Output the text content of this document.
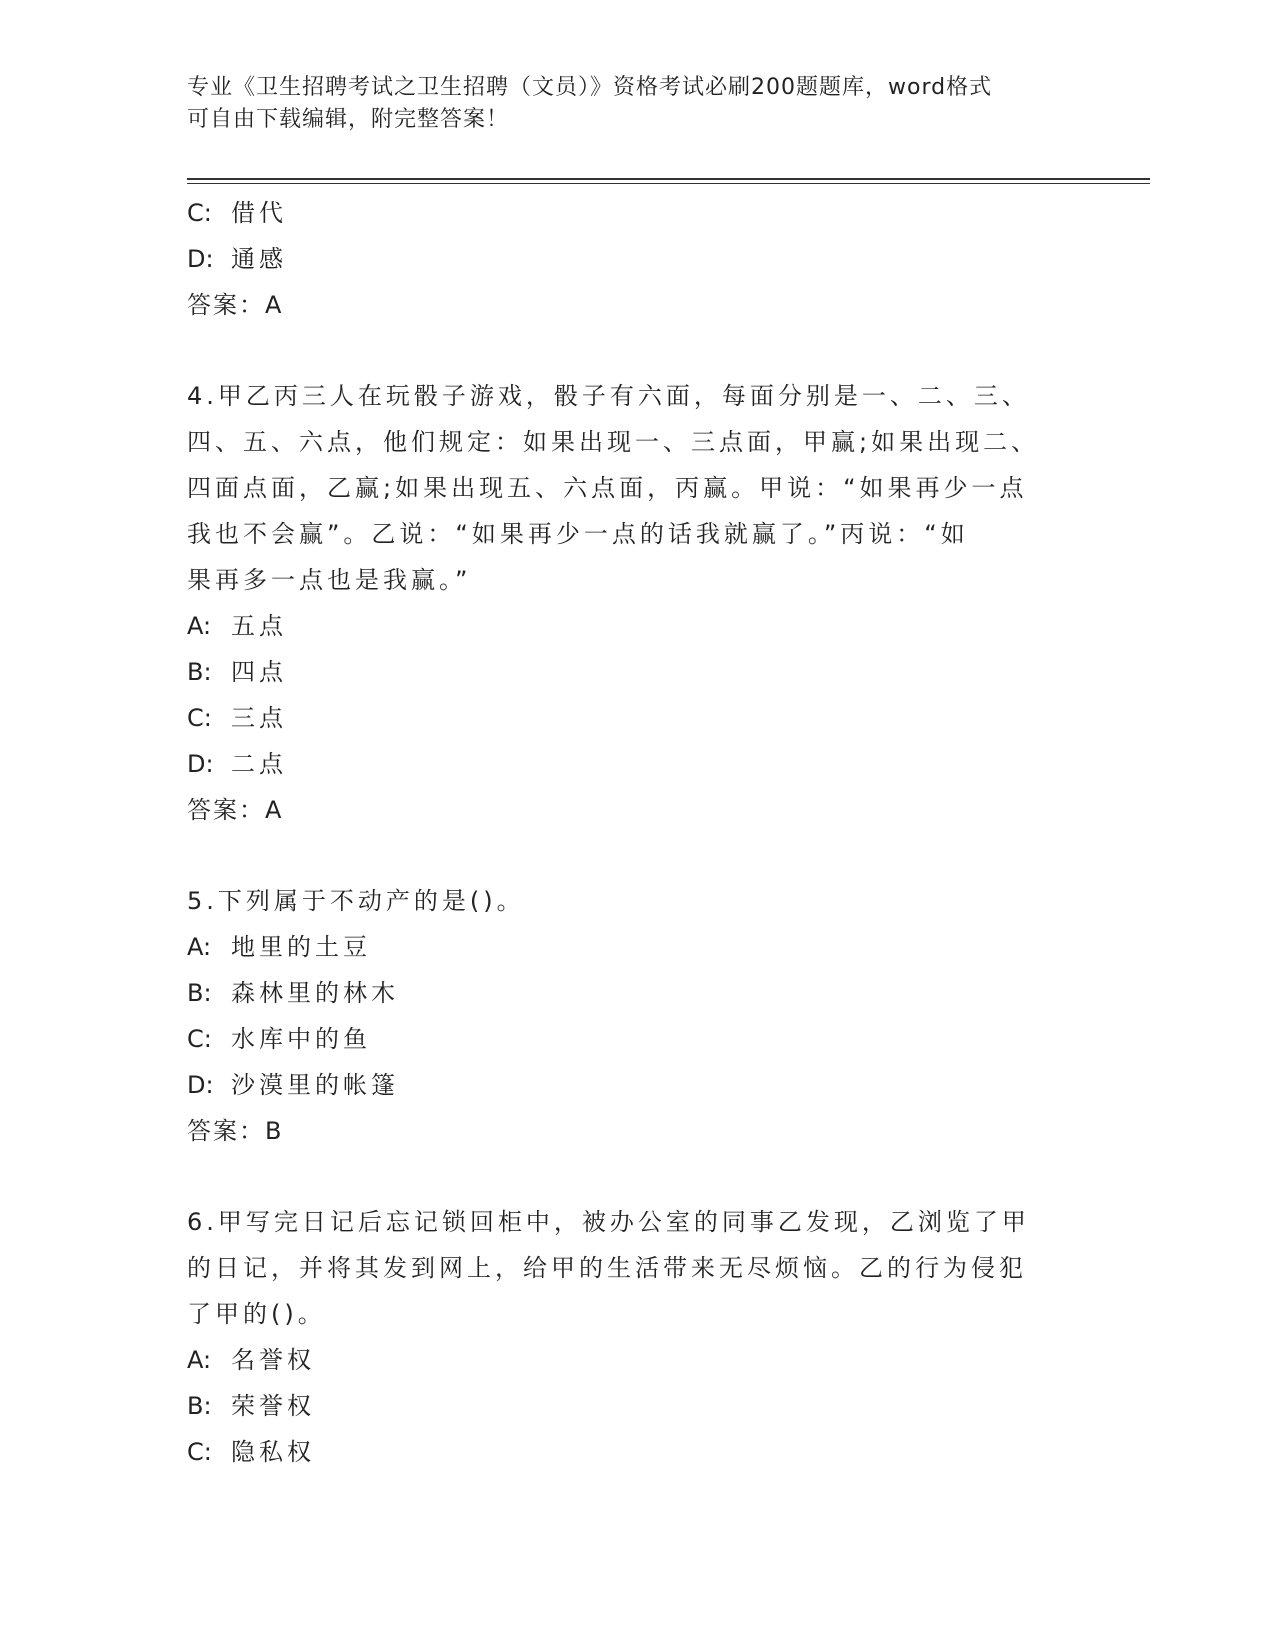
专业《卫生招聘考试之卫生招聘（文员）》资格考试必刷200题题库，word格式
可自由下载编辑，附完整答案！
C: 借代
D: 通感
答案：A
4.甲乙丙三人在玩骰子游戏，骰子有六面，每面分别是一、二、三、
四、五、六点，他们规定：如果出现一、三点面，甲赢;如果出现二、
四面点面，乙赢;如果出现五、六点面，丙赢。甲说：“如果再少一点
我也不会赢”。乙说：“如果再少一点的话我就赢了。”丙说：“如
果再多一点也是我赢。”
A: 五点
B: 四点
C: 三点
D: 二点
答案：A
5.下列属于不动产的是()。
A: 地里的土豆
B: 森林里的林木
C: 水库中的鱼
D: 沙漠里的帐篷
答案：B
6.甲写完日记后忘记锁回柜中，被办公室的同事乙发现，乙浏览了甲
的日记，并将其发到网上，给甲的生活带来无尽烦恼。乙的行为侵犯
了甲的()。
A: 名誉权
B: 荣誉权
C: 隐私权
